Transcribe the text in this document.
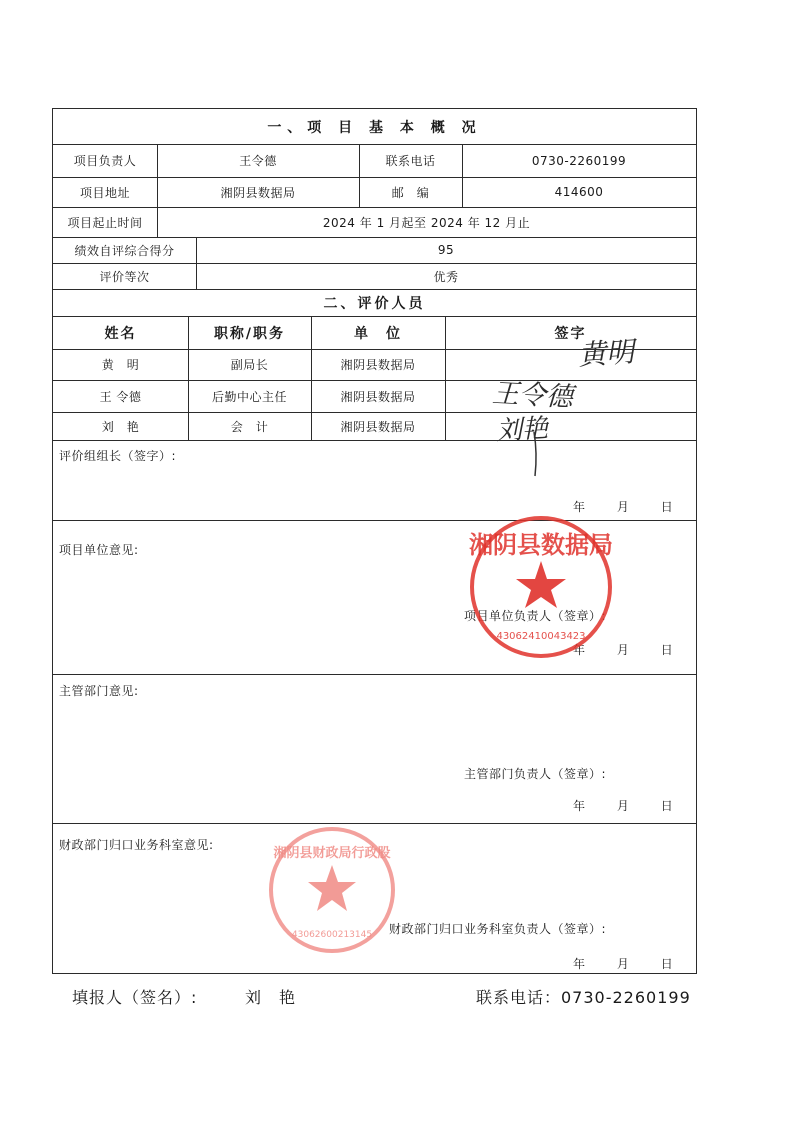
一、项 目 基 本 概 况
项目负责人	王令德	联系电话	0730-2260199
项目地址	湘阴县数据局	邮　编	414600
项目起止时间	2024 年 1 月起至 2024 年 12 月止
绩效自评综合得分	95
评价等次	优秀
二、评价人员
姓名	职称/职务	单　位	签字
黄　明	副局长	湘阴县数据局
王 令德	后勤中心主任	湘阴县数据局
刘　艳	会　计	湘阴县数据局
评价组组长（签字）:
年	月	日
项目单位意见:
项目单位负责人（签章）:
年	月	日
主管部门意见:
主管部门负责人（签章）:
年	月	日
财政部门归口业务科室意见:
财政部门归口业务科室负责人（签章）:
年	月	日
黄明
王令德
刘艳
湘阴县数据局
43062410043423
湘阴县财政局行政股
43062600213145
填报人（签名）:	刘　艳	联系电话：0730-2260199
